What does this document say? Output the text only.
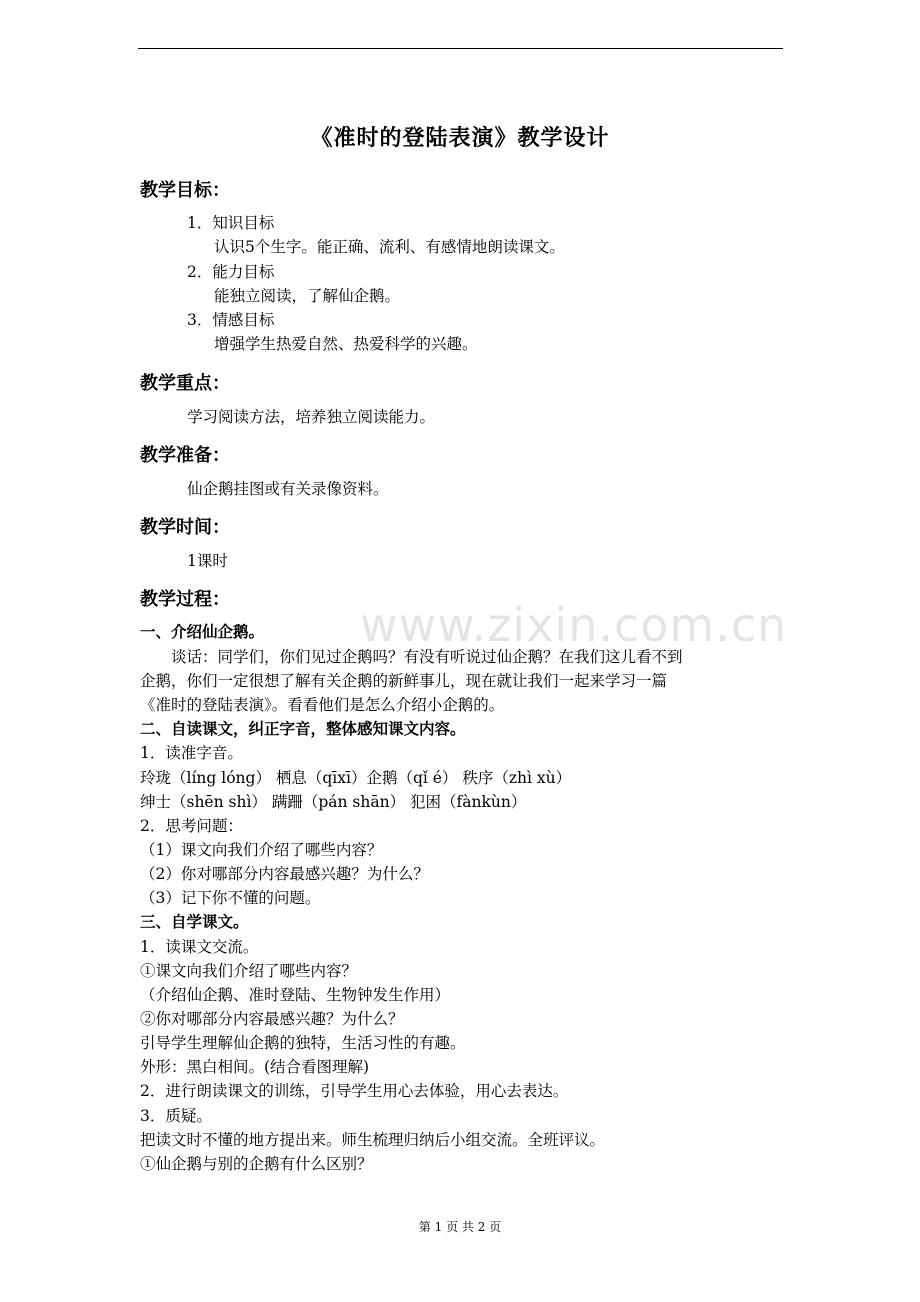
《准时的登陆表演》教学设计
教学目标：
1．知识目标
认识5个生字。能正确、流利、有感情地朗读课文。
2．能力目标
能独立阅读，了解仙企鹅。
3．情感目标
增强学生热爱自然、热爱科学的兴趣。
教学重点：
学习阅读方法，培养独立阅读能力。
教学准备：
仙企鹅挂图或有关录像资料。
教学时间：
1课时
教学过程：
一、介绍仙企鹅。
　　谈话：同学们，你们见过企鹅吗？有没有听说过仙企鹅？在我们这儿看不到
企鹅，你们一定很想了解有关企鹅的新鲜事儿，现在就让我们一起来学习一篇
《准时的登陆表演》。看看他们是怎么介绍小企鹅的。
二、自读课文，纠正字音，整体感知课文内容。
1．读准字音。
玲珑（líng lóng） 栖息（qīxī）企鹅（qǐ é） 秩序（zhì xù）
绅士（shēn shì） 蹒跚（pán shān） 犯困（fànkùn）
2．思考问题：
（1）课文向我们介绍了哪些内容？
（2）你对哪部分内容最感兴趣？为什么？
（3）记下你不懂的问题。
三、自学课文。
1．读课文交流。
①课文向我们介绍了哪些内容？
（介绍仙企鹅、准时登陆、生物钟发生作用）
②你对哪部分内容最感兴趣？为什么？
引导学生理解仙企鹅的独特，生活习性的有趣。
外形：黑白相间。(结合看图理解)
2．进行朗读课文的训练，引导学生用心去体验，用心去表达。
3．质疑。
把读文时不懂的地方提出来。师生梳理归纳后小组交流。全班评议。
①仙企鹅与别的企鹅有什么区别？
www.zixin.com.cn
第 1 页 共 2 页
